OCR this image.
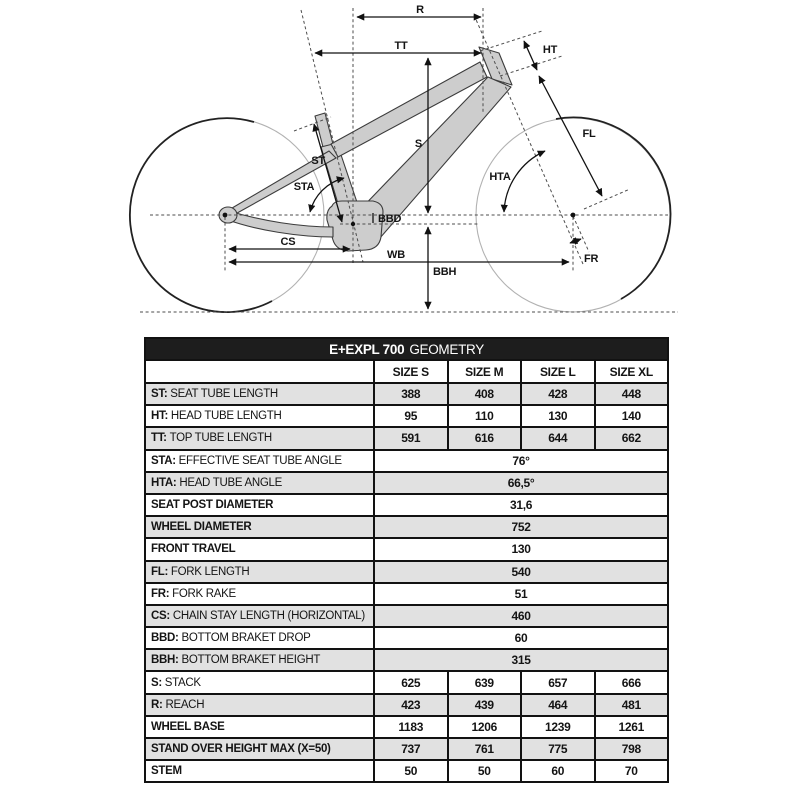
R
TT	HT
FL
HTA
S
ST
STA
BBD
CS
WB
BBH
FR
E+EXPL 700 GEOMETRY				
	SIZE S	SIZE M	SIZE L	SIZE XL
ST: SEAT TUBE LENGTH	388	408	428	448
HT: HEAD TUBE LENGTH	95	110	130	140
TT: TOP TUBE LENGTH	591	616	644	662
STA: EFFECTIVE SEAT TUBE ANGLE	76°			
HTA: HEAD TUBE ANGLE	66,5°			
SEAT POST DIAMETER	31,6			
WHEEL DIAMETER	752			
FRONT TRAVEL	130			
FL: FORK LENGTH	540			
FR: FORK RAKE	51			
CS: CHAIN STAY LENGTH (HORIZONTAL)	460			
BBD: BOTTOM BRAKET DROP	60			
BBH: BOTTOM BRAKET HEIGHT	315			
S: STACK	625	639	657	666
R: REACH	423	439	464	481
WHEEL BASE	1183	1206	1239	1261
STAND OVER HEIGHT MAX (X=50)	737	761	775	798
STEM	50	50	60	70
